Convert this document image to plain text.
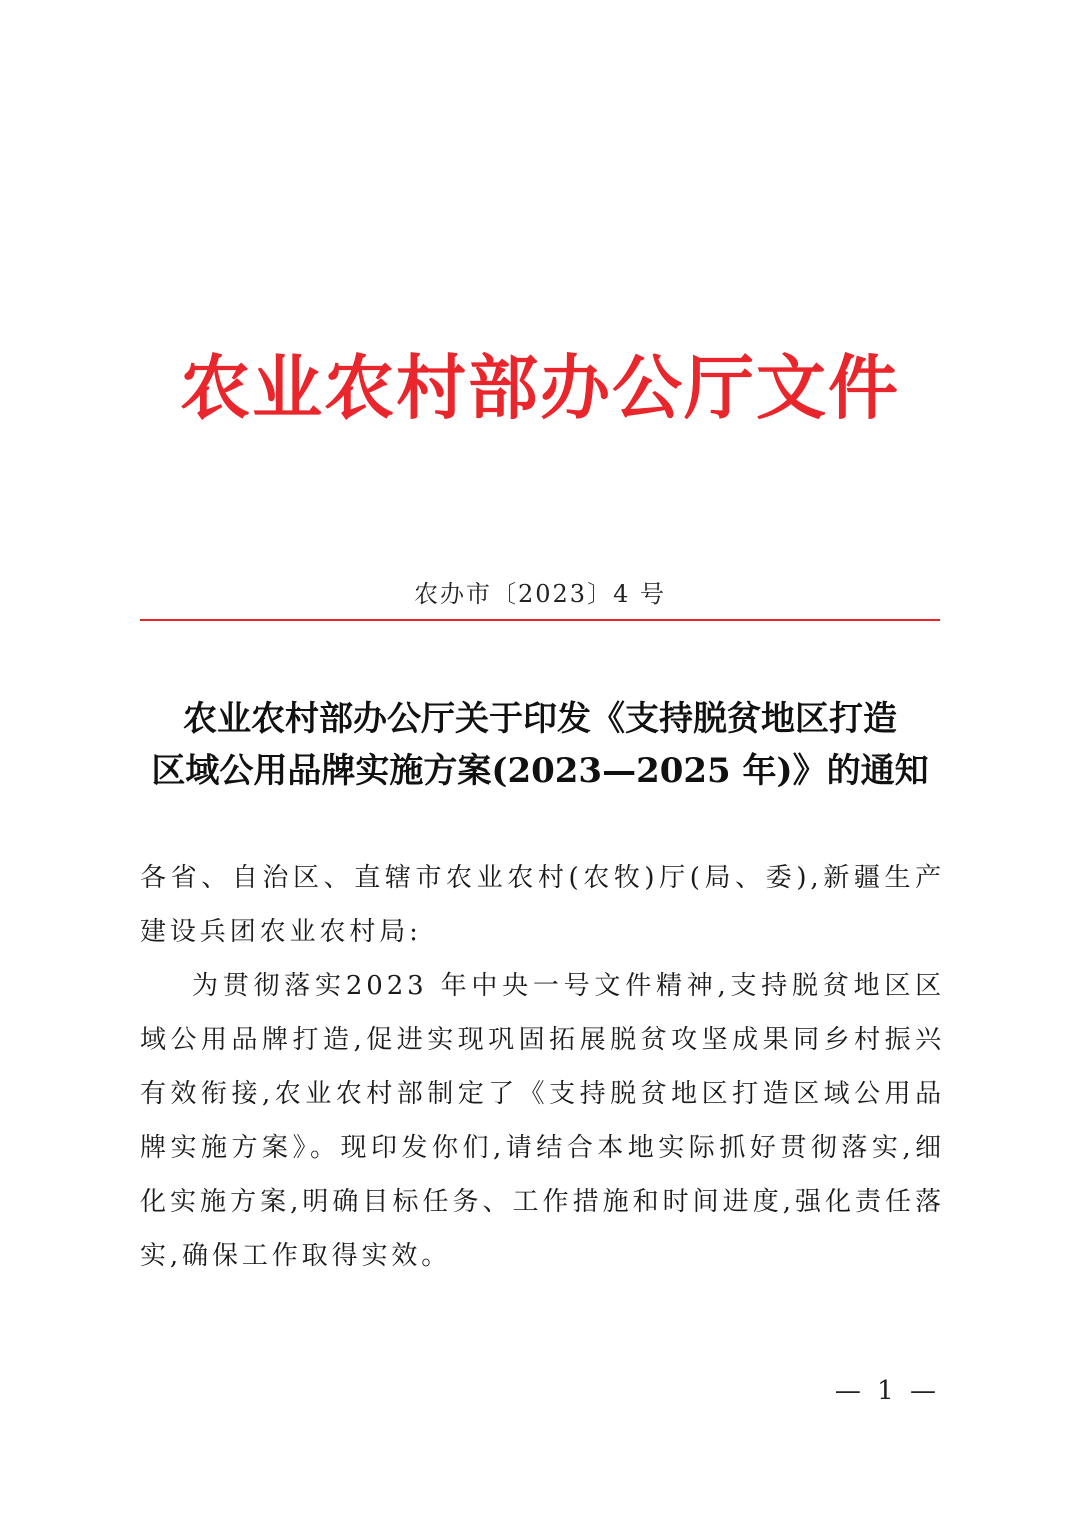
农业农村部办公厅文件
农办市〔2023〕4 号
农业农村部办公厅关于印发《支持脱贫地区打造
区域公用品牌实施方案(2023—2025 年)》的通知

各省、自治区、直辖市农业农村(农牧)厅(局、委),新疆生产建设兵团农业农村局:

为贯彻落实2023 年中央一号文件精神,支持脱贫地区区域公用品牌打造,促进实现巩固拓展脱贫攻坚成果同乡村振兴有效衔接,农业农村部制定了《支持脱贫地区打造区域公用品牌实施方案》。现印发你们,请结合本地实际抓好贯彻落实,细化实施方案,明确目标任务、工作措施和时间进度,强化责任落实,确保工作取得实效。

— 1 —
